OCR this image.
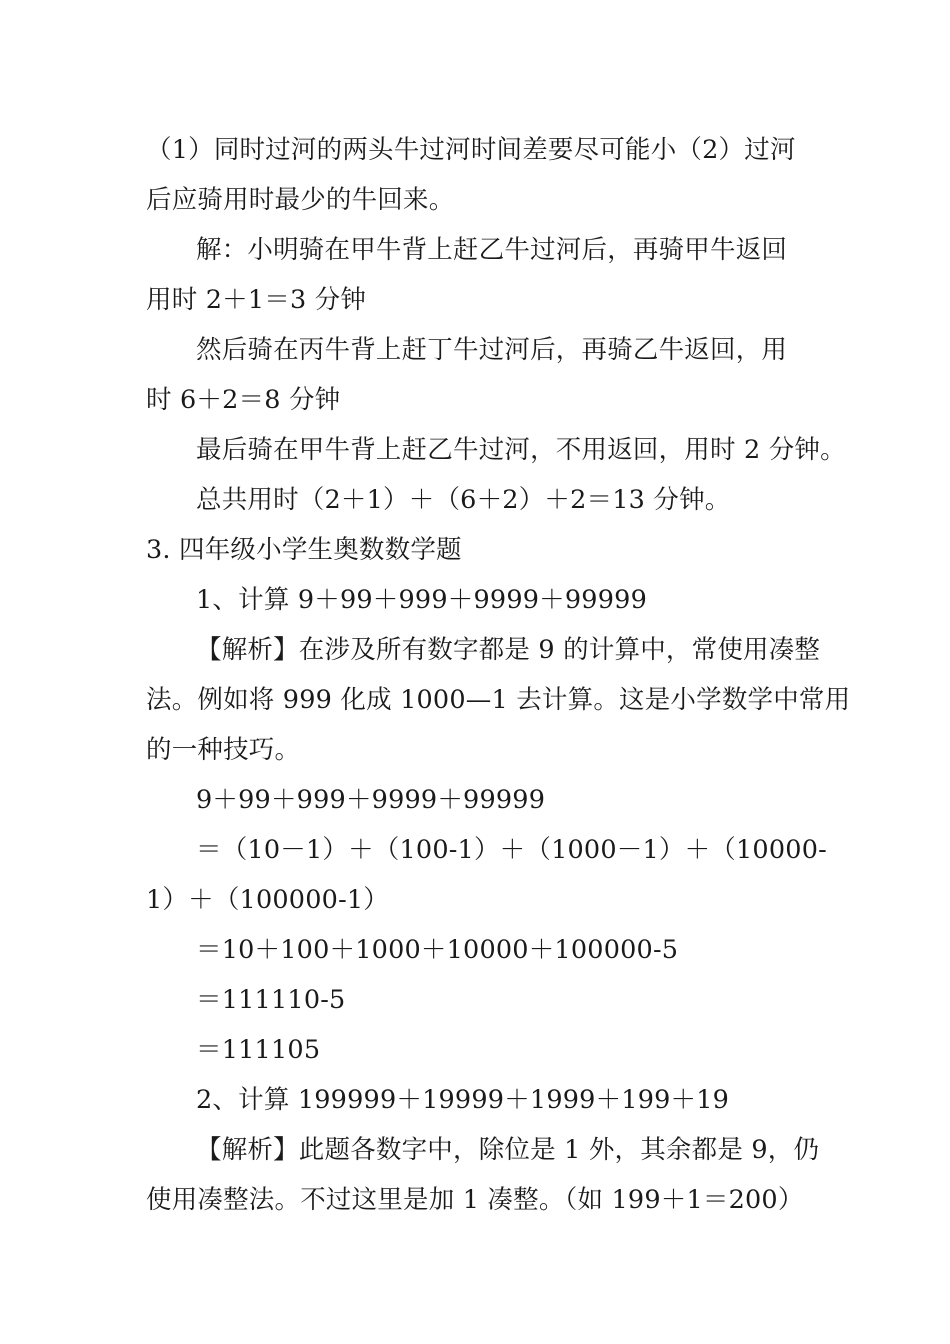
（1）同时过河的两头牛过河时间差要尽可能小（2）过河
后应骑用时最少的牛回来。
解：小明骑在甲牛背上赶乙牛过河后，再骑甲牛返回
用时 2＋1＝3 分钟
然后骑在丙牛背上赶丁牛过河后，再骑乙牛返回，用
时 6＋2＝8 分钟
最后骑在甲牛背上赶乙牛过河，不用返回，用时 2 分钟。
总共用时（2＋1）＋（6＋2）＋2＝13 分钟。
3. 四年级小学生奥数数学题
1、计算 9＋99＋999＋9999＋99999
【解析】在涉及所有数字都是 9 的计算中，常使用凑整
法。例如将 999 化成 1000—1 去计算。这是小学数学中常用
的一种技巧。
9＋99＋999＋9999＋99999
＝（10－1）＋（100-1）＋（1000－1）＋（10000-
1）＋（100000-1）
＝10＋100＋1000＋10000＋100000-5
＝111110-5
＝111105
2、计算 199999＋19999＋1999＋199＋19
【解析】此题各数字中，除位是 1 外，其余都是 9，仍
使用凑整法。不过这里是加 1 凑整。（如 199＋1＝200）
